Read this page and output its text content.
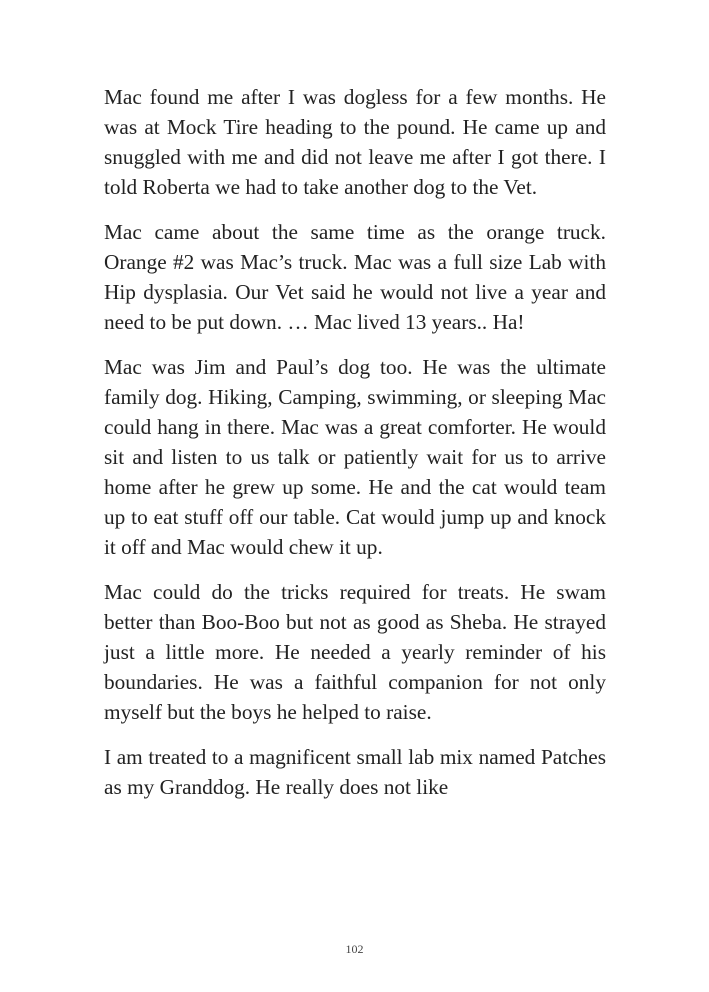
Mac found me after I was dogless for a few months. He was at Mock Tire heading to the pound. He came up and snuggled with me and did not leave me after I got there. I told Roberta we had to take another dog to the Vet.

Mac came about the same time as the orange truck. Orange #2 was Mac’s truck. Mac was a full size Lab with Hip dysplasia. Our Vet said he would not live a year and need to be put down. … Mac lived 13 years.. Ha!

Mac was Jim and Paul’s dog too. He was the ultimate family dog. Hiking, Camping, swimming, or sleeping Mac could hang in there. Mac was a great comforter. He would sit and listen to us talk or patiently wait for us to arrive home after he grew up some. He and the cat would team up to eat stuff off our table. Cat would jump up and knock it off and Mac would chew it up.

Mac could do the tricks required for treats. He swam better than Boo-Boo but not as good as Sheba. He strayed just a little more. He needed a yearly reminder of his boundaries. He was a faithful companion for not only myself but the boys he helped to raise.

I am treated to a magnificent small lab mix named Patches as my Granddog. He really does not like

102
